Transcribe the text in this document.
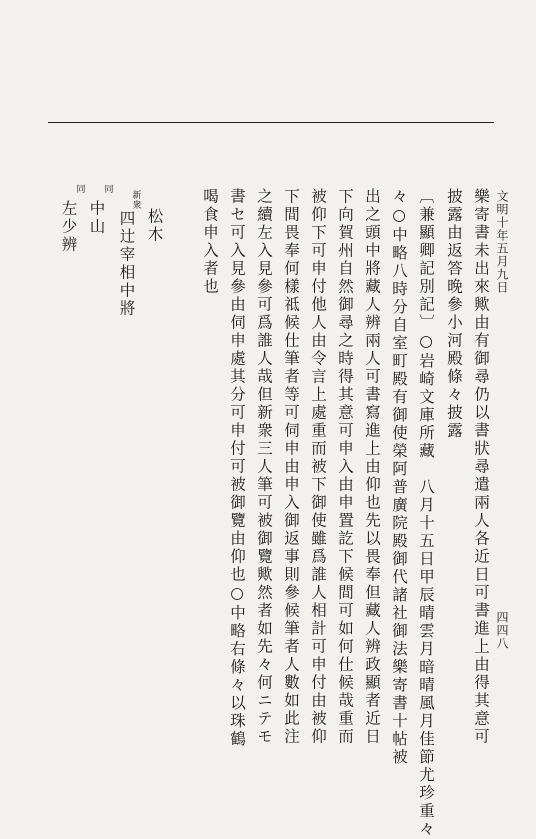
文明十年五月九日
四四八
樂寄書未出來歟由有御尋仍以書狀尋遣兩人各近日可書進上由得其意可
披露由返答晚參小河殿條々披露
〔兼顯卿記別記〕○岩崎文庫所藏　八月十五日甲辰晴雲月暗晴風月佳節尤珍重々
々○中略八時分自室町殿有御使榮阿普廣院殿御代諸社御法樂寄書十帖被
出之頭中將藏人辨兩人可書寫進上由仰也先以畏奉但藏人辨政顯者近日
下向賀州自然御尋之時得其意可申入由申置訖下候間可如何仕候哉重而
被仰下可申付他人由令言上處重而被下御使雖爲誰人相計可申付由被仰
下間畏奉何樣祗候仕筆者等可伺申由申入御返事則參候筆者人數如此注
之續左入見參可爲誰人哉但新衆三人筆可被御覽歟然者如先々何ニテモ
書セ可入見參由伺申處其分可申付可被御覽由仰也○中略右條々以珠鶴
喝食申入者也
松木
新衆
四辻宰相中將
同
中山
同
左少辨
